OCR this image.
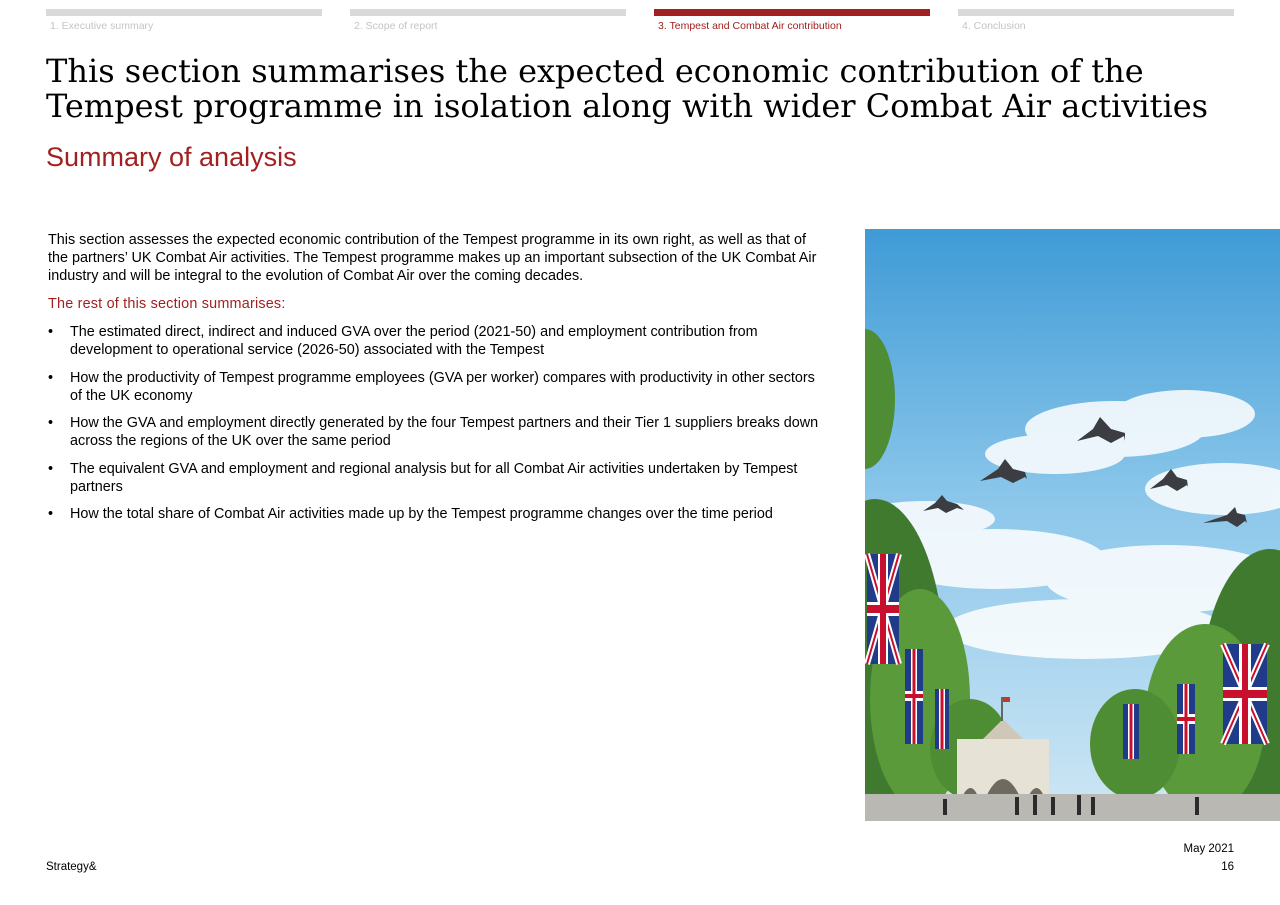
1. Executive summary	2. Scope of report	3. Tempest and Combat Air contribution	4. Conclusion
This section summarises the expected economic contribution of the Tempest programme in isolation along with wider Combat Air activities
Summary of analysis

This section assesses the expected economic contribution of the Tempest programme in its own right, as well as that of the partners’ UK Combat Air activities. The Tempest programme makes up an important subsection of the UK Combat Air industry and will be integral to the evolution of Combat Air over the coming decades.

The rest of this section summarises:

• The estimated direct, indirect and induced GVA over the period (2021-50) and employment contribution from development to operational service (2026-50) associated with the Tempest
• How the productivity of Tempest programme employees (GVA per worker) compares with productivity in other sectors of the UK economy
• How the GVA and employment directly generated by the four Tempest partners and their Tier 1 suppliers breaks down across the regions of the UK over the same period
• The equivalent GVA and employment and regional analysis but for all Combat Air activities undertaken by Tempest partners
• How the total share of Combat Air activities made up by the Tempest programme changes over the time period
Strategy&
May 2021
16
